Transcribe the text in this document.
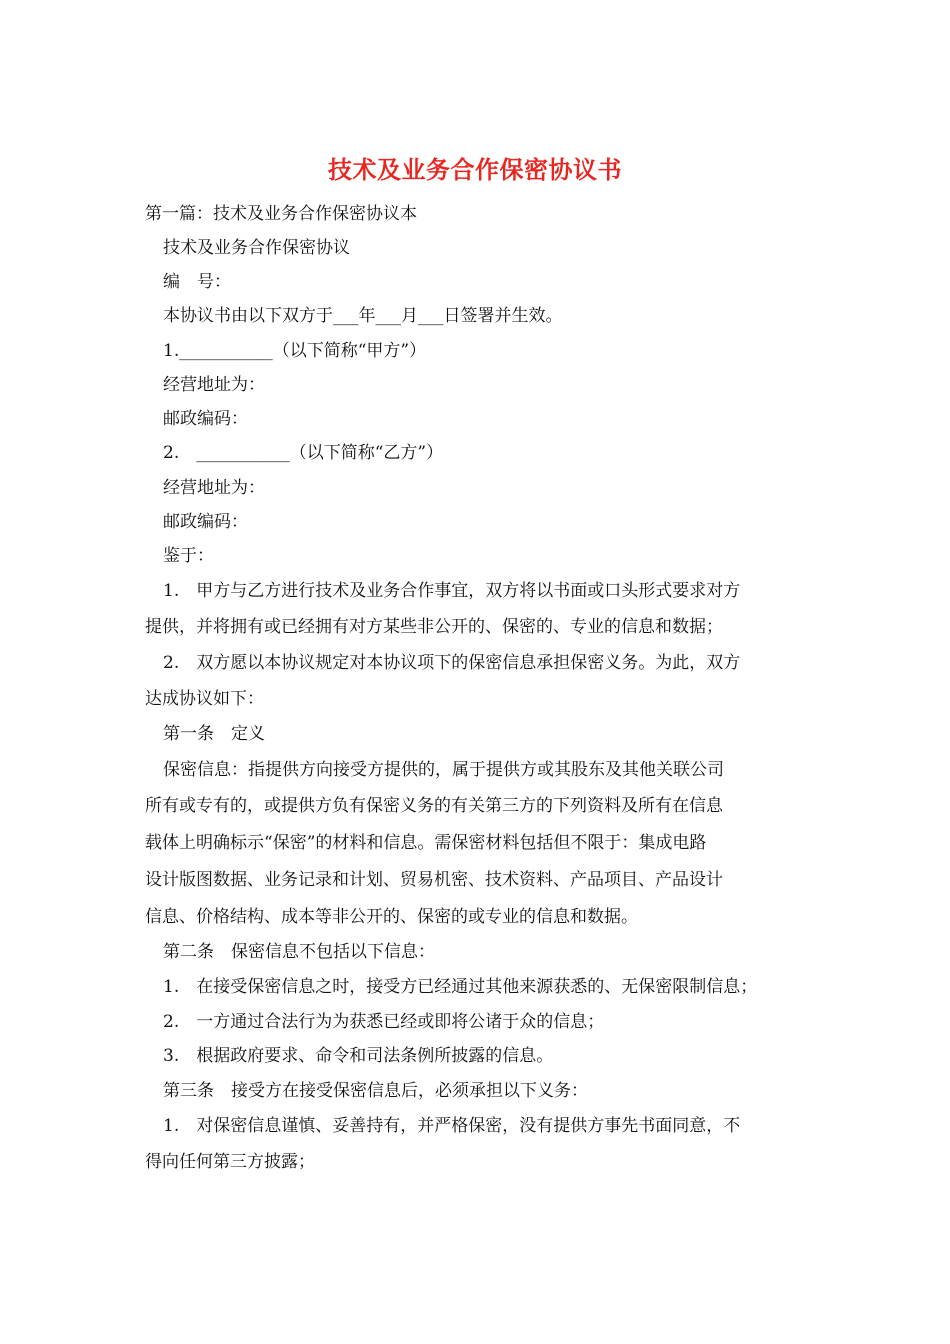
技术及业务合作保密协议书
第一篇：技术及业务合作保密协议本
技术及业务合作保密协议
编　号：
本协议书由以下双方于___年___月___日签署并生效。
1.___________（以下简称“甲方”）
经营地址为：
邮政编码：
2.　___________（以下简称“乙方”）
经营地址为：
邮政编码：
鉴于：
1.　甲方与乙方进行技术及业务合作事宜，双方将以书面或口头形式要求对方
提供，并将拥有或已经拥有对方某些非公开的、保密的、专业的信息和数据；
2.　双方愿以本协议规定对本协议项下的保密信息承担保密义务。为此，双方
达成协议如下：
第一条　定义
保密信息：指提供方向接受方提供的，属于提供方或其股东及其他关联公司
所有或专有的，或提供方负有保密义务的有关第三方的下列资料及所有在信息
载体上明确标示“保密”的材料和信息。需保密材料包括但不限于：集成电路
设计版图数据、业务记录和计划、贸易机密、技术资料、产品项目、产品设计
信息、价格结构、成本等非公开的、保密的或专业的信息和数据。
第二条　保密信息不包括以下信息：
1.　在接受保密信息之时，接受方已经通过其他来源获悉的、无保密限制信息；
2.　一方通过合法行为为获悉已经或即将公诸于众的信息；
3.　根据政府要求、命令和司法条例所披露的信息。
第三条　接受方在接受保密信息后，必须承担以下义务：
1.　对保密信息谨慎、妥善持有，并严格保密，没有提供方事先书面同意，不
得向任何第三方披露；
